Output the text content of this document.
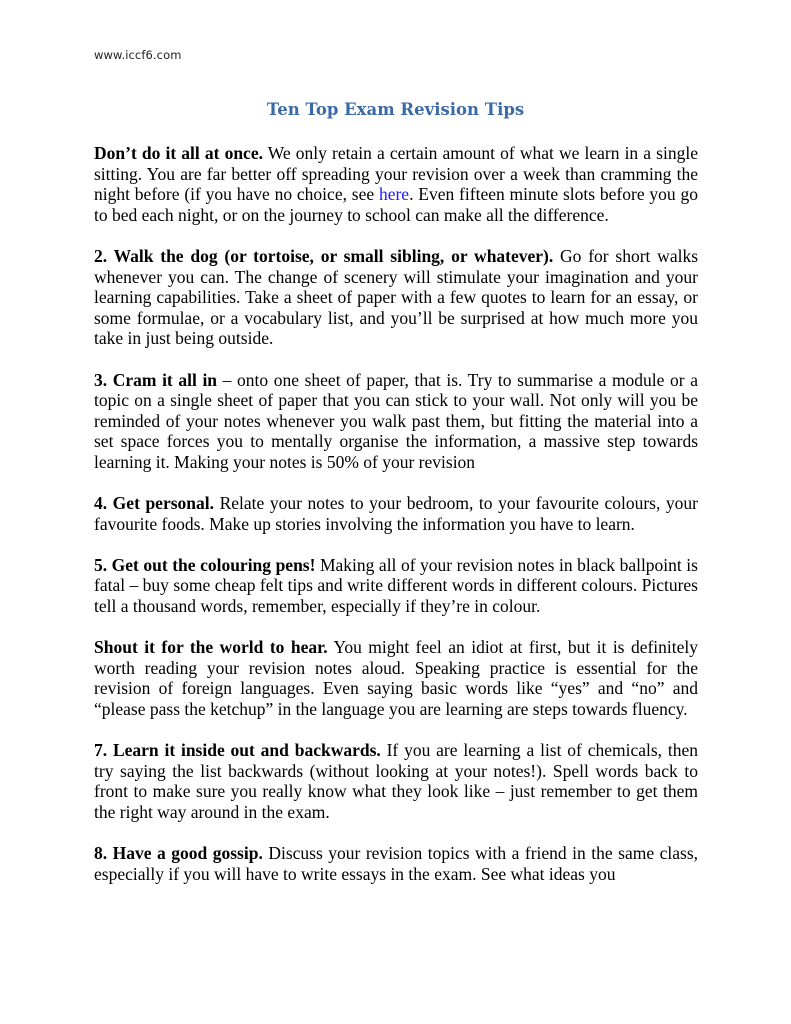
www.iccf6.com
Ten Top Exam Revision Tips

Don’t do it all at once. We only retain a certain amount of what we learn in a single sitting. You are far better off spreading your revision over a week than cramming the night before (if you have no choice, see here. Even fifteen minute slots before you go to bed each night, or on the journey to school can make all the difference.

2. Walk the dog (or tortoise, or small sibling, or whatever). Go for short walks whenever you can. The change of scenery will stimulate your imagination and your learning capabilities. Take a sheet of paper with a few quotes to learn for an essay, or some formulae, or a vocabulary list, and you’ll be surprised at how much more you take in just being outside.

3. Cram it all in – onto one sheet of paper, that is. Try to summarise a module or a topic on a single sheet of paper that you can stick to your wall. Not only will you be reminded of your notes whenever you walk past them, but fitting the material into a set space forces you to mentally organise the information, a massive step towards learning it. Making your notes is 50% of your revision

4. Get personal. Relate your notes to your bedroom, to your favourite colours, your favourite foods. Make up stories involving the information you have to learn.

5. Get out the colouring pens! Making all of your revision notes in black ballpoint is fatal – buy some cheap felt tips and write different words in different colours. Pictures tell a thousand words, remember, especially if they’re in colour.

Shout it for the world to hear. You might feel an idiot at first, but it is definitely worth reading your revision notes aloud. Speaking practice is essential for the revision of foreign languages. Even saying basic words like “yes” and “no” and “please pass the ketchup” in the language you are learning are steps towards fluency.

7. Learn it inside out and backwards. If you are learning a list of chemicals, then try saying the list backwards (without looking at your notes!). Spell words back to front to make sure you really know what they look like – just remember to get them the right way around in the exam.

8. Have a good gossip. Discuss your revision topics with a friend in the same class, especially if you will have to write essays in the exam. See what ideas you
